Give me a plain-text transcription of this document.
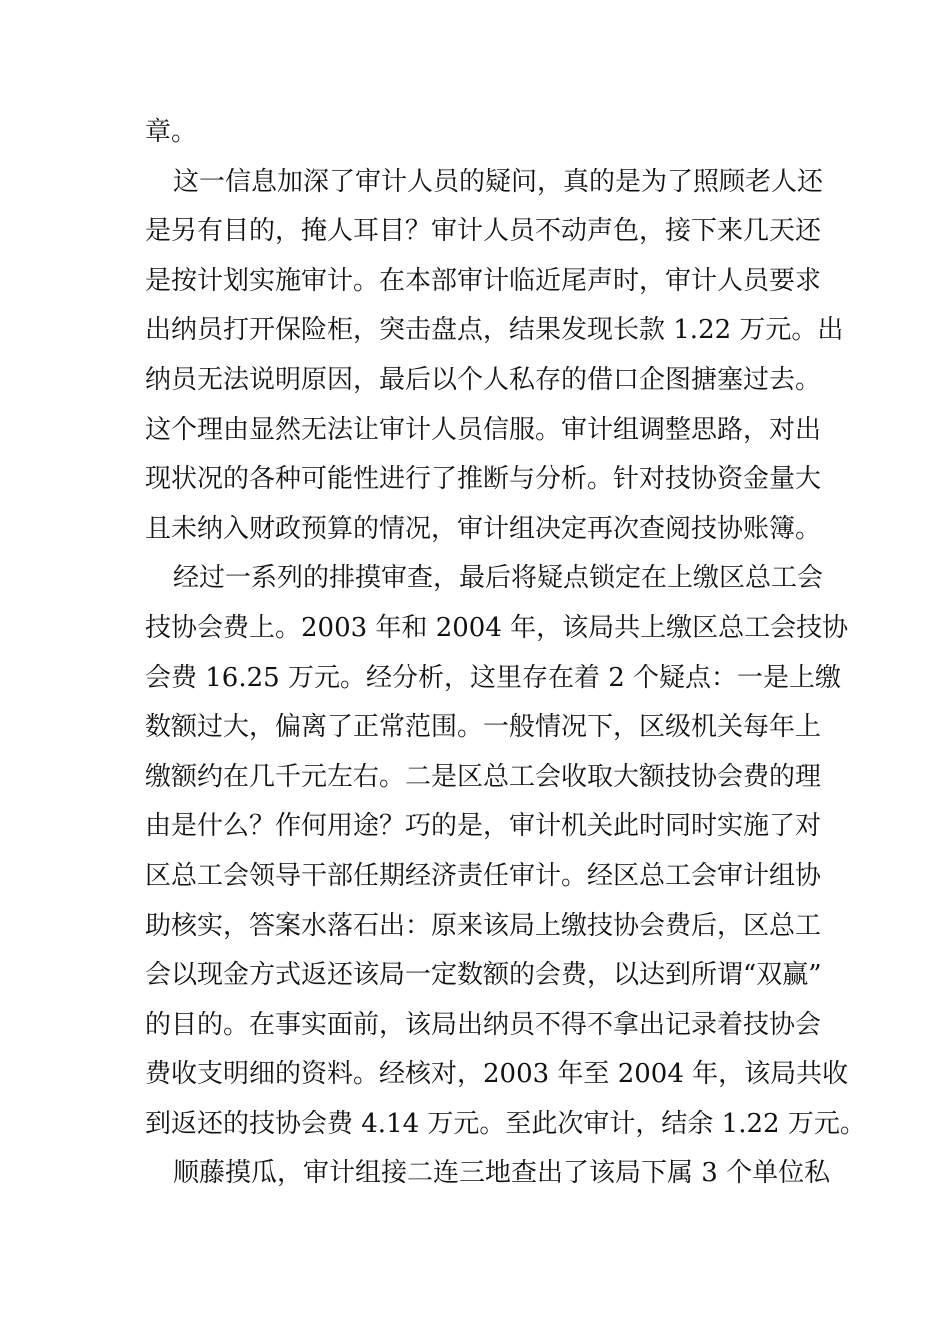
章。
这一信息加深了审计人员的疑问，真的是为了照顾老人还
是另有目的，掩人耳目？审计人员不动声色，接下来几天还
是按计划实施审计。在本部审计临近尾声时，审计人员要求
出纳员打开保险柜，突击盘点，结果发现长款 1.22 万元。出
纳员无法说明原因，最后以个人私存的借口企图搪塞过去。
这个理由显然无法让审计人员信服。审计组调整思路，对出
现状况的各种可能性进行了推断与分析。针对技协资金量大
且未纳入财政预算的情况，审计组决定再次查阅技协账簿。
经过一系列的排摸审查，最后将疑点锁定在上缴区总工会
技协会费上。2003 年和 2004 年，该局共上缴区总工会技协
会费 16.25 万元。经分析，这里存在着 2 个疑点：一是上缴
数额过大，偏离了正常范围。一般情况下，区级机关每年上
缴额约在几千元左右。二是区总工会收取大额技协会费的理
由是什么？作何用途？巧的是，审计机关此时同时实施了对
区总工会领导干部任期经济责任审计。经区总工会审计组协
助核实，答案水落石出：原来该局上缴技协会费后，区总工
会以现金方式返还该局一定数额的会费，以达到所谓“双赢”
的目的。在事实面前，该局出纳员不得不拿出记录着技协会
费收支明细的资料。经核对，2003 年至 2004 年，该局共收
到返还的技协会费 4.14 万元。至此次审计，结余 1.22 万元。
顺藤摸瓜，审计组接二连三地查出了该局下属 3 个单位私
